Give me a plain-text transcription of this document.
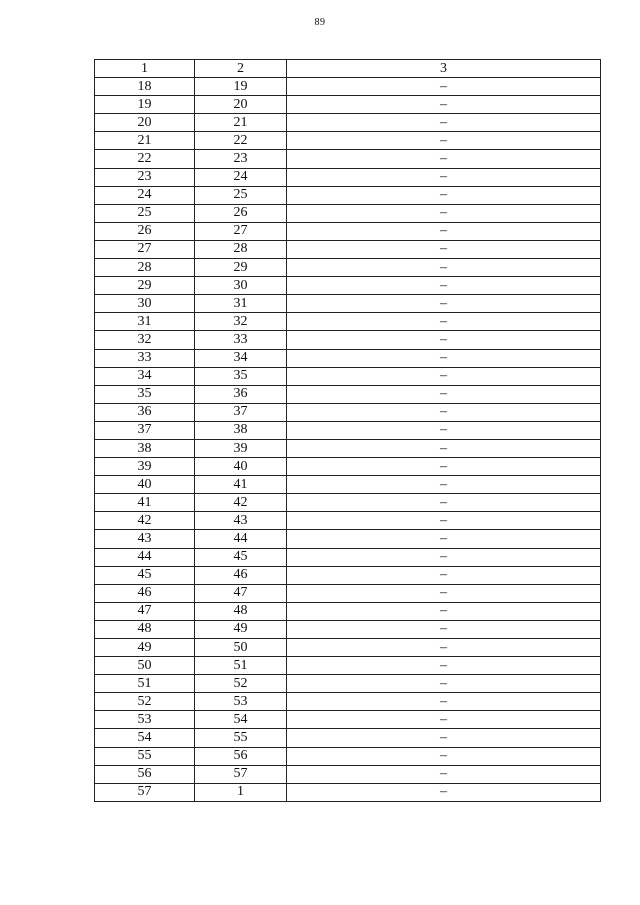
89
1	2	3
18	19	–
19	20	–
20	21	–
21	22	–
22	23	–
23	24	–
24	25	–
25	26	–
26	27	–
27	28	–
28	29	–
29	30	–
30	31	–
31	32	–
32	33	–
33	34	–
34	35	–
35	36	–
36	37	–
37	38	–
38	39	–
39	40	–
40	41	–
41	42	–
42	43	–
43	44	–
44	45	–
45	46	–
46	47	–
47	48	–
48	49	–
49	50	–
50	51	–
51	52	–
52	53	–
53	54	–
54	55	–
55	56	–
56	57	–
57	1	–
